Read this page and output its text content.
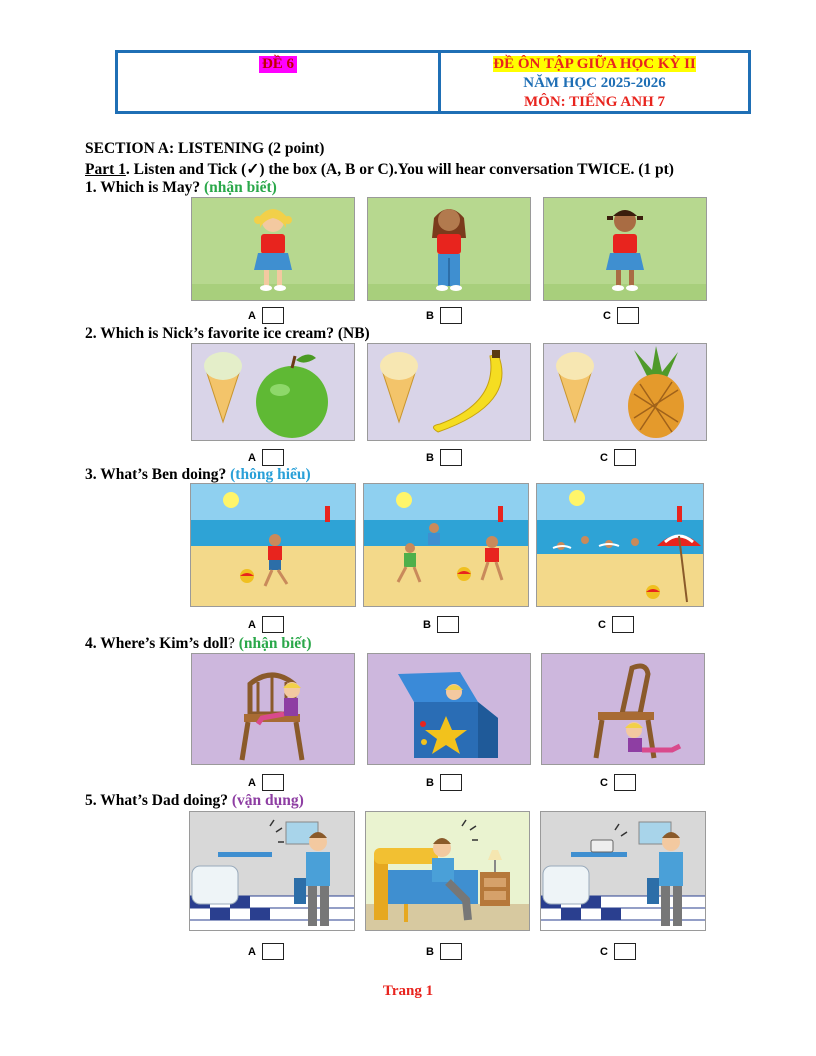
ĐỀ 6	ĐỀ ÔN TẬP GIỮA HỌC KỲ II
NĂM HỌC 2025-2026
MÔN: TIẾNG ANH 7
SECTION A: LISTENING (2 point)
Part 1. Listen and Tick (✓) the box (A, B or C).You will hear conversation TWICE. (1 pt)
1. Which is May? (nhận biết)
A	B	C
2. Which is Nick’s favorite ice cream? (NB)
A	B	C
3. What’s Ben doing? (thông hiểu)
A	B	C
4. Where’s Kim’s doll? (nhận biết)
A	B	C
5. What’s Dad doing? (vận dụng)
A	B	C
Trang 1
